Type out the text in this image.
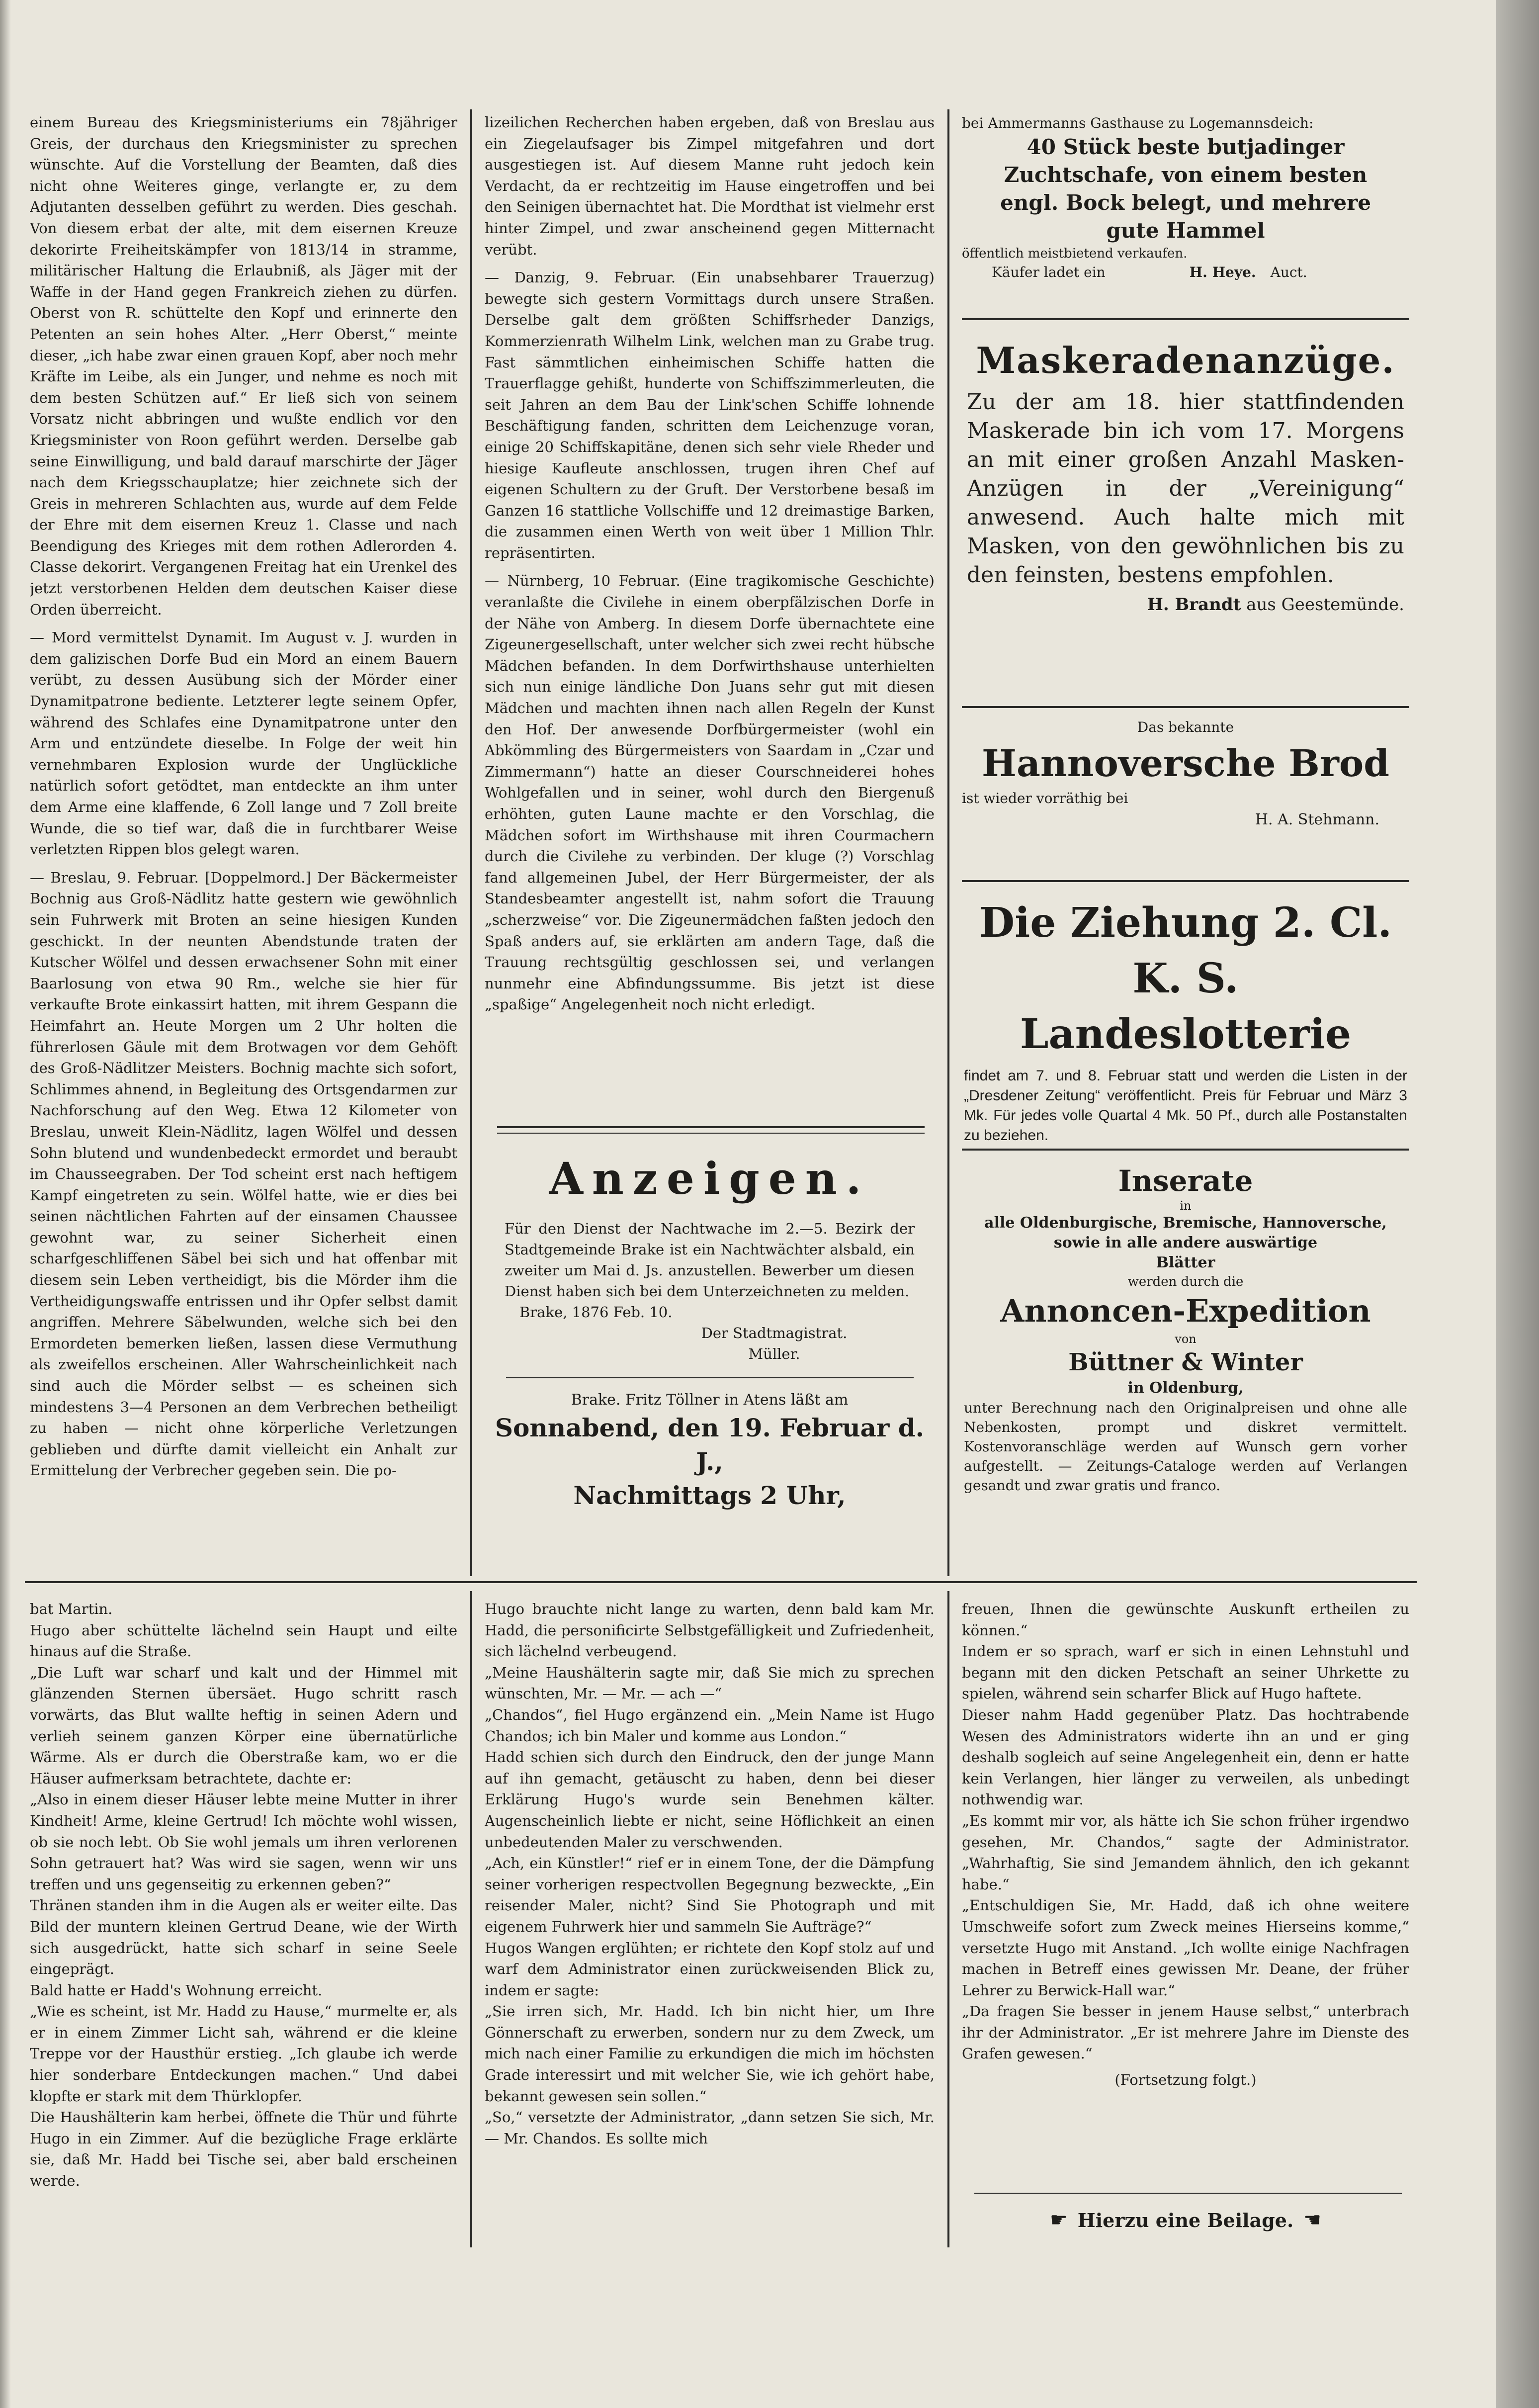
einem Bureau des Kriegsministeriums ein 78jähriger Greis, der durchaus den Kriegsminister zu sprechen wünschte. Auf die Vorstellung der Beamten, daß dies nicht ohne Weiteres ginge, verlangte er, zu dem Adjutanten desselben geführt zu werden. Dies geschah. Von diesem erbat der alte, mit dem eisernen Kreuze dekorirte Freiheitskämpfer von 1813/14 in stramme, militärischer Haltung die Erlaubniß, als Jäger mit der Waffe in der Hand gegen Frankreich ziehen zu dürfen. Oberst von R. schüttelte den Kopf und erinnerte den Petenten an sein hohes Alter. „Herr Oberst,“ meinte dieser, „ich habe zwar einen grauen Kopf, aber noch mehr Kräfte im Leibe, als ein Junger, und nehme es noch mit dem besten Schützen auf.“ Er ließ sich von seinem Vorsatz nicht abbringen und wußte endlich vor den Kriegsminister von Roon geführt werden. Derselbe gab seine Einwilligung, und bald darauf marschirte der Jäger nach dem Kriegsschauplatze; hier zeichnete sich der Greis in mehreren Schlachten aus, wurde auf dem Felde der Ehre mit dem eisernen Kreuz 1. Classe und nach Beendigung des Krieges mit dem rothen Adlerorden 4. Classe dekorirt. Vergangenen Freitag hat ein Urenkel des jetzt verstorbenen Helden dem deutschen Kaiser diese Orden überreicht.

— Mord vermittelst Dynamit. Im August v. J. wurden in dem galizischen Dorfe Bud ein Mord an einem Bauern verübt, zu dessen Ausübung sich der Mörder einer Dynamitpatrone bediente. Letzterer legte seinem Opfer, während des Schlafes eine Dynamitpatrone unter den Arm und entzündete dieselbe. In Folge der weit hin vernehmbaren Explosion wurde der Unglückliche natürlich sofort getödtet, man entdeckte an ihm unter dem Arme eine klaffende, 6 Zoll lange und 7 Zoll breite Wunde, die so tief war, daß die in furchtbarer Weise verletzten Rippen blos gelegt waren.

— Breslau, 9. Februar. [Doppelmord.] Der Bäckermeister Bochnig aus Groß-Nädlitz hatte gestern wie gewöhnlich sein Fuhrwerk mit Broten an seine hiesigen Kunden geschickt. In der neunten Abendstunde traten der Kutscher Wölfel und dessen erwachsener Sohn mit einer Baarlosung von etwa 90 Rm., welche sie hier für verkaufte Brote einkassirt hatten, mit ihrem Gespann die Heimfahrt an. Heute Morgen um 2 Uhr holten die führerlosen Gäule mit dem Brotwagen vor dem Gehöft des Groß-Nädlitzer Meisters. Bochnig machte sich sofort, Schlimmes ahnend, in Begleitung des Ortsgendarmen zur Nachforschung auf den Weg. Etwa 12 Kilometer von Breslau, unweit Klein-Nädlitz, lagen Wölfel und dessen Sohn blutend und wundenbedeckt ermordet und beraubt im Chausseegraben. Der Tod scheint erst nach heftigem Kampf eingetreten zu sein. Wölfel hatte, wie er dies bei seinen nächtlichen Fahrten auf der einsamen Chaussee gewohnt war, zu seiner Sicherheit einen scharfgeschliffenen Säbel bei sich und hat offenbar mit diesem sein Leben vertheidigt, bis die Mörder ihm die Vertheidigungswaffe entrissen und ihr Opfer selbst damit angriffen. Mehrere Säbelwunden, welche sich bei den Ermordeten bemerken ließen, lassen diese Vermuthung als zweifellos erscheinen. Aller Wahrscheinlichkeit nach sind auch die Mörder selbst — es scheinen sich mindestens 3—4 Personen an dem Verbrechen betheiligt zu haben — nicht ohne körperliche Verletzungen geblieben und dürfte damit vielleicht ein Anhalt zur Ermittelung der Verbrecher gegeben sein. Die po-

lizeilichen Recherchen haben ergeben, daß von Breslau aus ein Ziegelaufsager bis Zimpel mitgefahren und dort ausgestiegen ist. Auf diesem Manne ruht jedoch kein Verdacht, da er rechtzeitig im Hause eingetroffen und bei den Seinigen übernachtet hat. Die Mordthat ist vielmehr erst hinter Zimpel, und zwar anscheinend gegen Mitternacht verübt.

— Danzig, 9. Februar. (Ein unabsehbarer Trauerzug) bewegte sich gestern Vormittags durch unsere Straßen. Derselbe galt dem größten Schiffsrheder Danzigs, Kommerzienrath Wilhelm Link, welchen man zu Grabe trug. Fast sämmtlichen einheimischen Schiffe hatten die Trauerflagge gehißt, hunderte von Schiffszimmerleuten, die seit Jahren an dem Bau der Link'schen Schiffe lohnende Beschäftigung fanden, schritten dem Leichenzuge voran, einige 20 Schiffskapitäne, denen sich sehr viele Rheder und hiesige Kaufleute anschlossen, trugen ihren Chef auf eigenen Schultern zu der Gruft. Der Verstorbene besaß im Ganzen 16 stattliche Vollschiffe und 12 dreimastige Barken, die zusammen einen Werth von weit über 1 Million Thlr. repräsentirten.

— Nürnberg, 10 Februar. (Eine tragikomische Geschichte) veranlaßte die Civilehe in einem oberpfälzischen Dorfe in der Nähe von Amberg. In diesem Dorfe übernachtete eine Zigeunergesellschaft, unter welcher sich zwei recht hübsche Mädchen befanden. In dem Dorfwirthshause unterhielten sich nun einige ländliche Don Juans sehr gut mit diesen Mädchen und machten ihnen nach allen Regeln der Kunst den Hof. Der anwesende Dorfbürgermeister (wohl ein Abkömmling des Bürgermeisters von Saardam in „Czar und Zimmermann“) hatte an dieser Courschneiderei hohes Wohlgefallen und in seiner, wohl durch den Biergenuß erhöhten, guten Laune machte er den Vorschlag, die Mädchen sofort im Wirthshause mit ihren Courmachern durch die Civilehe zu verbinden. Der kluge (?) Vorschlag fand allgemeinen Jubel, der Herr Bürgermeister, der als Standesbeamter angestellt ist, nahm sofort die Trauung „scherzweise“ vor. Die Zigeunermädchen faßten jedoch den Spaß anders auf, sie erklärten am andern Tage, daß die Trauung rechtsgültig geschlossen sei, und verlangen nunmehr eine Abfindungssumme. Bis jetzt ist diese „spaßige“ Angelegenheit noch nicht erledigt.

Anzeigen.
Für den Dienst der Nachtwache im 2.—5. Bezirk der Stadtgemeinde Brake ist ein Nachtwächter alsbald, ein zweiter um Mai d. Js. anzustellen. Bewerber um diesen Dienst haben sich bei dem Unterzeichneten zu melden.
Brake, 1876 Feb. 10.
Der Stadtmagistrat.
Müller.
Brake. Fritz Töllner in Atens läßt am
Sonnabend, den 19. Februar d. J.,
Nachmittags 2 Uhr,
bei Ammermanns Gasthause zu Logemannsdeich:
40 Stück beste butjadinger
Zuchtschafe, von einem besten
engl. Bock belegt, und mehrere
gute Hammel
öffentlich meistbietend verkaufen.
Käufer ladet ein	H. Heye. Auct.
Maskeradenanzüge.
Zu der am 18. hier stattfindenden Maskerade bin ich vom 17. Morgens an mit einer großen Anzahl Masken-Anzügen in der „Vereinigung“ anwesend. Auch halte mich mit Masken, von den gewöhnlichen bis zu den feinsten, bestens empfohlen.
H. Brandt aus Geestemünde.
Das bekannte
Hannoversche Brod
ist wieder vorräthig bei
H. A. Stehmann.
Die Ziehung 2. Cl.
K. S. Landeslotterie
findet am 7. und 8. Februar statt und werden die Listen in der „Dresdener Zeitung“ veröffentlicht. Preis für Februar und März 3 Mk. Für jedes volle Quartal 4 Mk. 50 Pf., durch alle Postanstalten zu beziehen.
Inserate
in
alle Oldenburgische, Bremische, Hannoversche, sowie in alle andere auswärtige
Blätter
werden durch die
Annoncen-Expedition
von
Büttner & Winter
in Oldenburg,
unter Berechnung nach den Originalpreisen und ohne alle Nebenkosten, prompt und diskret vermittelt. Kostenvoranschläge werden auf Wunsch gern vorher aufgestellt. — Zeitungs-Cataloge werden auf Verlangen gesandt und zwar gratis und franco.

bat Martin.

Hugo aber schüttelte lächelnd sein Haupt und eilte hinaus auf die Straße.

„Die Luft war scharf und kalt und der Himmel mit glänzenden Sternen übersäet. Hugo schritt rasch vorwärts, das Blut wallte heftig in seinen Adern und verlieh seinem ganzen Körper eine übernatürliche Wärme. Als er durch die Oberstraße kam, wo er die Häuser aufmerksam betrachtete, dachte er:

„Also in einem dieser Häuser lebte meine Mutter in ihrer Kindheit! Arme, kleine Gertrud! Ich möchte wohl wissen, ob sie noch lebt. Ob Sie wohl jemals um ihren verlorenen Sohn getrauert hat? Was wird sie sagen, wenn wir uns treffen und uns gegenseitig zu erkennen geben?“

Thränen standen ihm in die Augen als er weiter eilte. Das Bild der muntern kleinen Gertrud Deane, wie der Wirth sich ausgedrückt, hatte sich scharf in seine Seele eingeprägt.

Bald hatte er Hadd's Wohnung erreicht.

„Wie es scheint, ist Mr. Hadd zu Hause,“ murmelte er, als er in einem Zimmer Licht sah, während er die kleine Treppe vor der Hausthür erstieg. „Ich glaube ich werde hier sonderbare Entdeckungen machen.“ Und dabei klopfte er stark mit dem Thürklopfer.

Die Haushälterin kam herbei, öffnete die Thür und führte Hugo in ein Zimmer. Auf die bezügliche Frage erklärte sie, daß Mr. Hadd bei Tische sei, aber bald erscheinen werde.

Hugo brauchte nicht lange zu warten, denn bald kam Mr. Hadd, die personificirte Selbstgefälligkeit und Zufriedenheit, sich lächelnd verbeugend.

„Meine Haushälterin sagte mir, daß Sie mich zu sprechen wünschten, Mr. — Mr. — ach —“

„Chandos“, fiel Hugo ergänzend ein. „Mein Name ist Hugo Chandos; ich bin Maler und komme aus London.“

Hadd schien sich durch den Eindruck, den der junge Mann auf ihn gemacht, getäuscht zu haben, denn bei dieser Erklärung Hugo's wurde sein Benehmen kälter. Augenscheinlich liebte er nicht, seine Höflichkeit an einen unbedeutenden Maler zu verschwenden.

„Ach, ein Künstler!“ rief er in einem Tone, der die Dämpfung seiner vorherigen respectvollen Begegnung bezweckte, „Ein reisender Maler, nicht? Sind Sie Photograph und mit eigenem Fuhrwerk hier und sammeln Sie Aufträge?“

Hugos Wangen erglühten; er richtete den Kopf stolz auf und warf dem Administrator einen zurückweisenden Blick zu, indem er sagte:

„Sie irren sich, Mr. Hadd. Ich bin nicht hier, um Ihre Gönnerschaft zu erwerben, sondern nur zu dem Zweck, um mich nach einer Familie zu erkundigen die mich im höchsten Grade interessirt und mit welcher Sie, wie ich gehört habe, bekannt gewesen sein sollen.“

„So,“ versetzte der Administrator, „dann setzen Sie sich, Mr. — Mr. Chandos. Es sollte mich

freuen, Ihnen die gewünschte Auskunft ertheilen zu können.“

Indem er so sprach, warf er sich in einen Lehnstuhl und begann mit den dicken Petschaft an seiner Uhrkette zu spielen, während sein scharfer Blick auf Hugo haftete.

Dieser nahm Hadd gegenüber Platz. Das hochtrabende Wesen des Administrators widerte ihn an und er ging deshalb sogleich auf seine Angelegenheit ein, denn er hatte kein Verlangen, hier länger zu verweilen, als unbedingt nothwendig war.

„Es kommt mir vor, als hätte ich Sie schon früher irgendwo gesehen, Mr. Chandos,“ sagte der Administrator. „Wahrhaftig, Sie sind Jemandem ähnlich, den ich gekannt habe.“

„Entschuldigen Sie, Mr. Hadd, daß ich ohne weitere Umschweife sofort zum Zweck meines Hierseins komme,“ versetzte Hugo mit Anstand. „Ich wollte einige Nachfragen machen in Betreff eines gewissen Mr. Deane, der früher Lehrer zu Berwick-Hall war.“

„Da fragen Sie besser in jenem Hause selbst,“ unterbrach ihr der Administrator. „Er ist mehrere Jahre im Dienste des Grafen gewesen.“

(Fortsetzung folgt.)

☛ Hierzu eine Beilage. ☛
